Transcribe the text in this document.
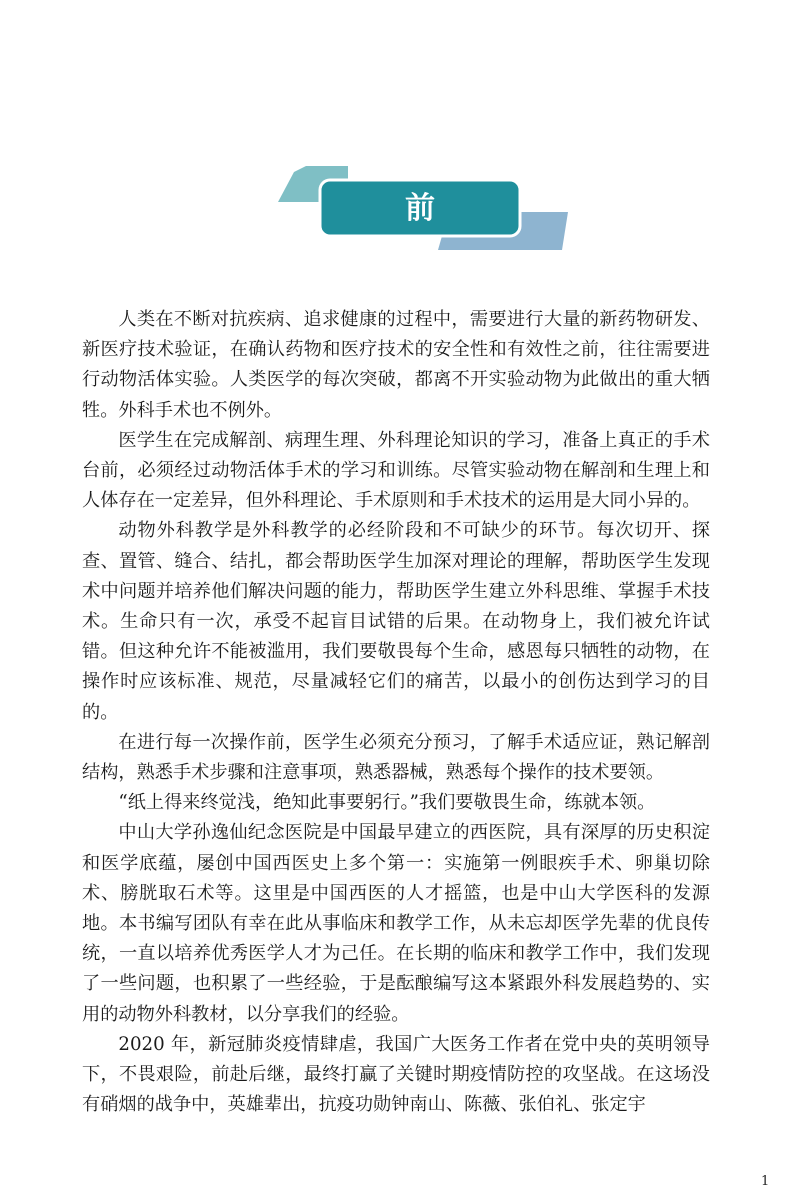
前　言

人类在不断对抗疾病、追求健康的过程中，需要进行大量的新药物研发、新医疗技术验证，在确认药物和医疗技术的安全性和有效性之前，往往需要进行动物活体实验。人类医学的每次突破，都离不开实验动物为此做出的重大牺牲。外科手术也不例外。

医学生在完成解剖、病理生理、外科理论知识的学习，准备上真正的手术台前，必须经过动物活体手术的学习和训练。尽管实验动物在解剖和生理上和人体存在一定差异，但外科理论、手术原则和手术技术的运用是大同小异的。

动物外科教学是外科教学的必经阶段和不可缺少的环节。每次切开、探查、置管、缝合、结扎，都会帮助医学生加深对理论的理解，帮助医学生发现术中问题并培养他们解决问题的能力，帮助医学生建立外科思维、掌握手术技术。生命只有一次，承受不起盲目试错的后果。在动物身上，我们被允许试错。但这种允许不能被滥用，我们要敬畏每个生命，感恩每只牺牲的动物，在操作时应该标准、规范，尽量减轻它们的痛苦，以最小的创伤达到学习的目的。

在进行每一次操作前，医学生必须充分预习，了解手术适应证，熟记解剖结构，熟悉手术步骤和注意事项，熟悉器械，熟悉每个操作的技术要领。

“纸上得来终觉浅，绝知此事要躬行。”我们要敬畏生命，练就本领。

中山大学孙逸仙纪念医院是中国最早建立的西医院，具有深厚的历史积淀和医学底蕴，屡创中国西医史上多个第一：实施第一例眼疾手术、卵巢切除术、膀胱取石术等。这里是中国西医的人才摇篮，也是中山大学医科的发源地。本书编写团队有幸在此从事临床和教学工作，从未忘却医学先辈的优良传统，一直以培养优秀医学人才为己任。在长期的临床和教学工作中，我们发现了一些问题，也积累了一些经验，于是酝酿编写这本紧跟外科发展趋势的、实用的动物外科教材，以分享我们的经验。

2020 年，新冠肺炎疫情肆虐，我国广大医务工作者在党中央的英明领导下，不畏艰险，前赴后继，最终打赢了关键时期疫情防控的攻坚战。在这场没有硝烟的战争中，英雄辈出，抗疫功勋钟南山、陈薇、张伯礼、张定宇

1
